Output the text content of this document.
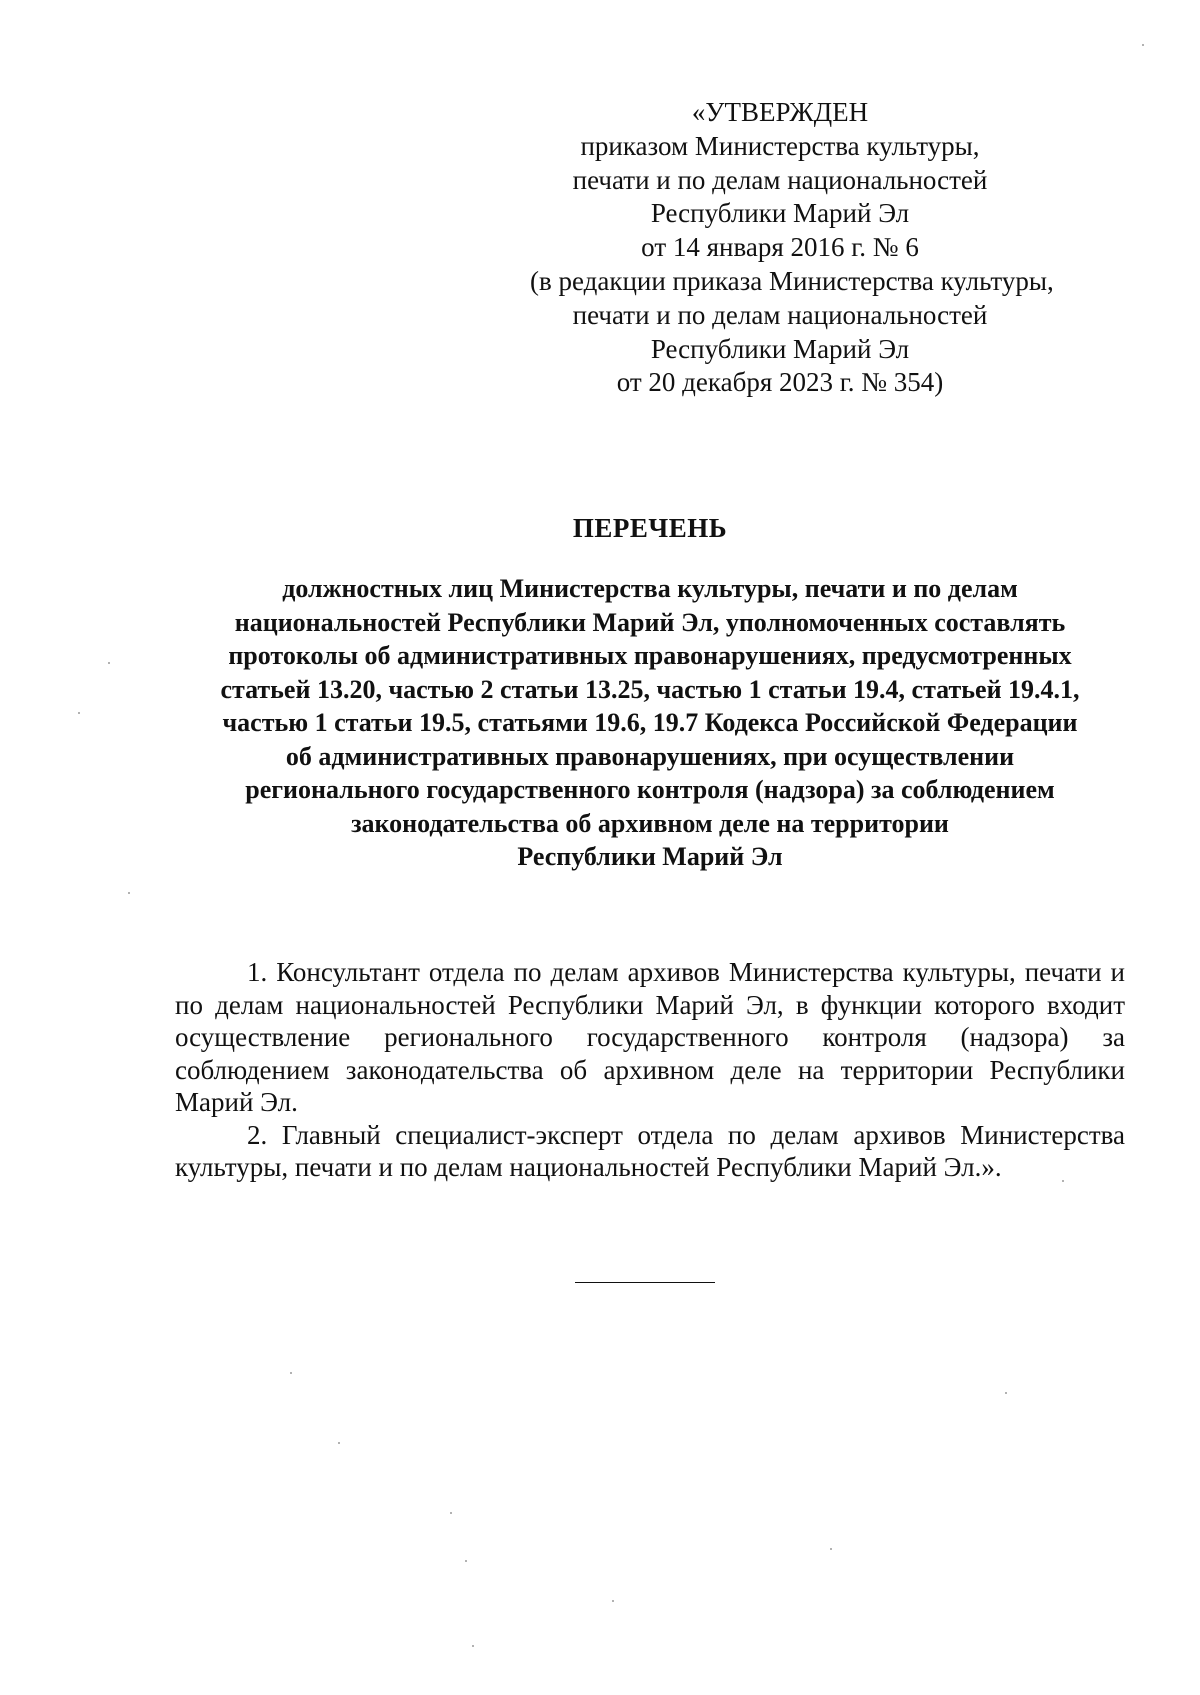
«УТВЕРЖДЕН
приказом Министерства культуры,
печати и по делам национальностей
Республики Марий Эл
от 14 января 2016 г. № 6
(в редакции приказа Министерства культуры,
печати и по делам национальностей
Республики Марий Эл
от 20 декабря 2023 г. № 354)
ПЕРЕЧЕНЬ
должностных лиц Министерства культуры, печати и по делам
национальностей Республики Марий Эл, уполномоченных составлять
протоколы об административных правонарушениях, предусмотренных
статьей 13.20, частью 2 статьи 13.25, частью 1 статьи 19.4, статьей 19.4.1,
частью 1 статьи 19.5, статьями 19.6, 19.7 Кодекса Российской Федерации
об административных правонарушениях, при осуществлении
регионального государственного контроля (надзора) за соблюдением
законодательства об архивном деле на территории
Республики Марий Эл

1. Консультант отдела по делам архивов Министерства культуры, печати и по делам национальностей Республики Марий Эл, в функции которого входит осуществление регионального государственного контроля (надзора) за соблюдением законодательства об архивном деле на территории Республики Марий Эл.

2. Главный специалист-эксперт отдела по делам архивов Министерства культуры, печати и по делам национальностей Республики Марий Эл.».
